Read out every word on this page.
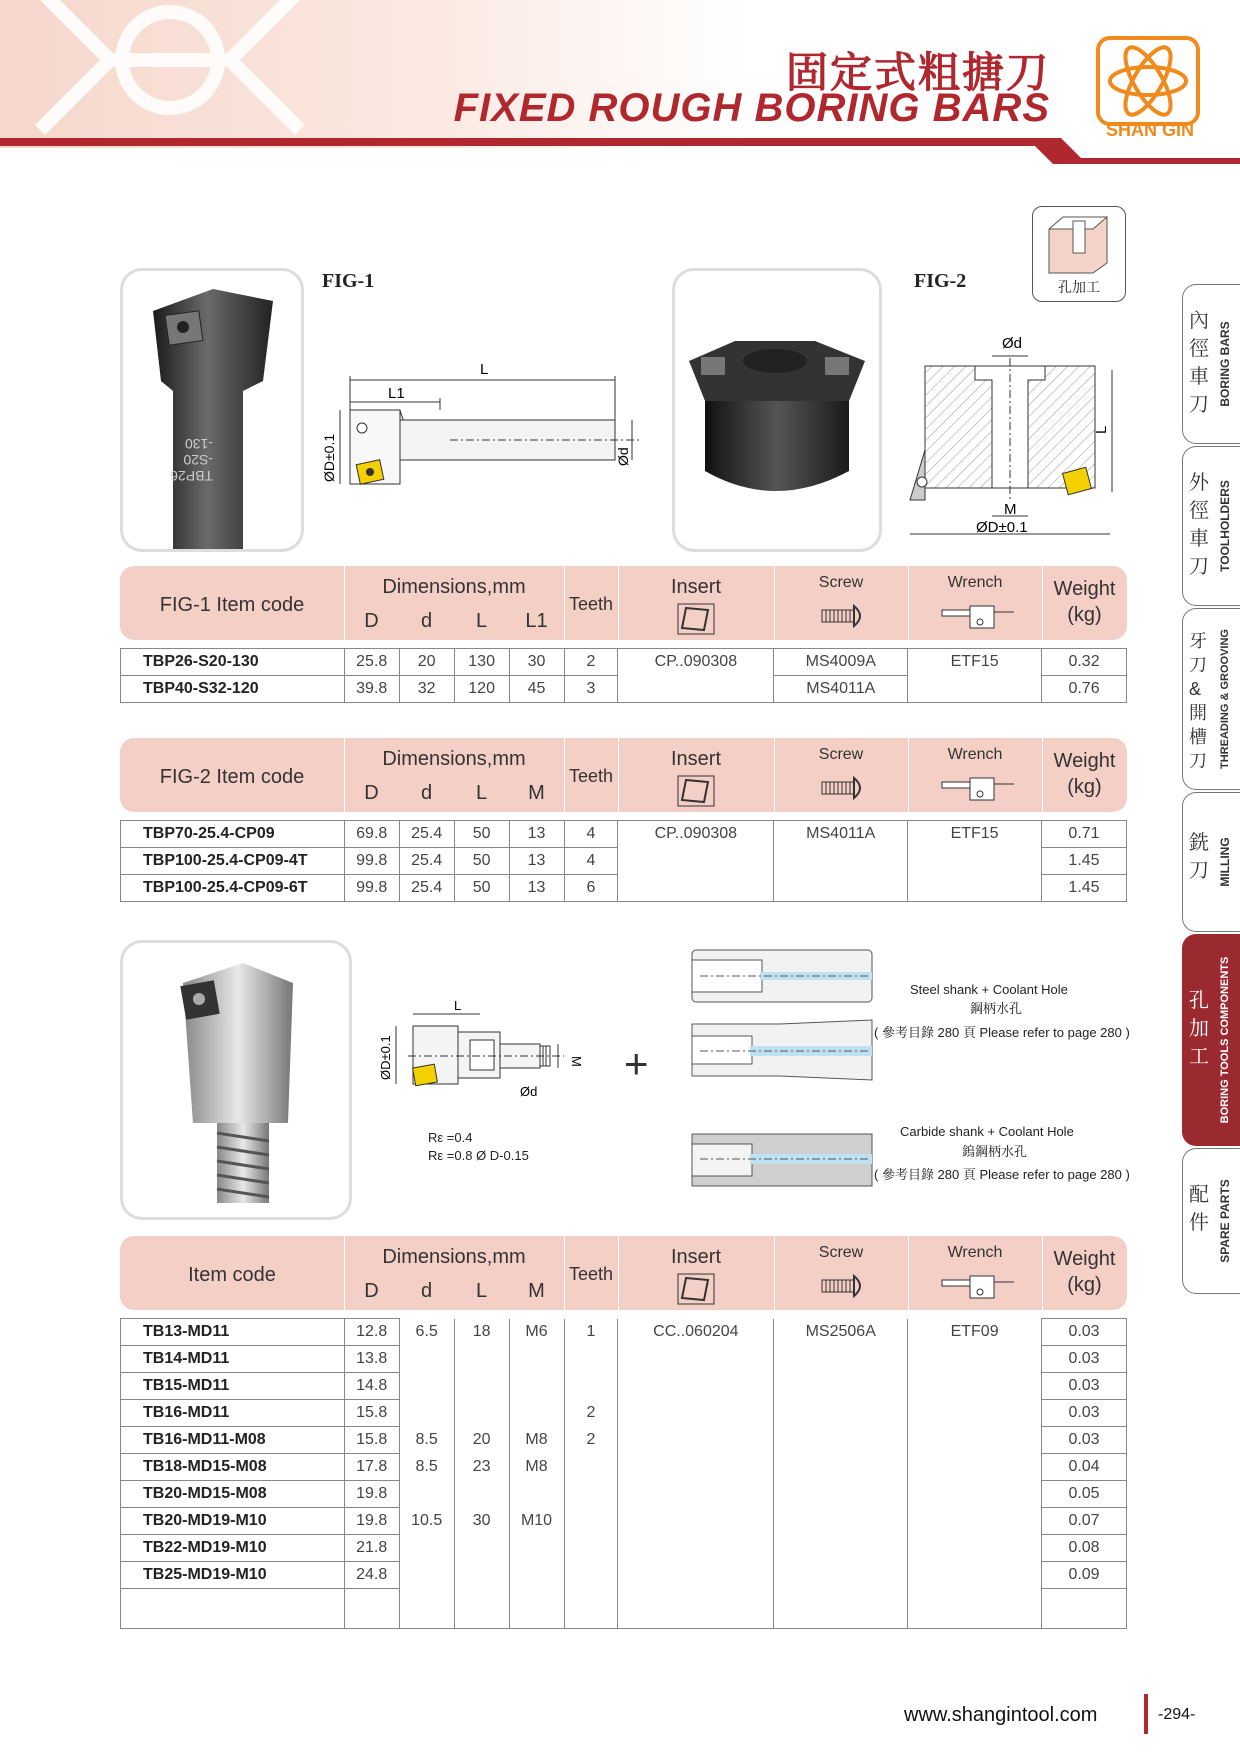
固定式粗搪刀
FIXED ROUGH BORING BARS	SHAN GIN
內徑車刀 BORING BARS
外徑車刀 TOOLHOLDERS
牙刀&開槽刀	THREADING & GROOVING
銑刀 MILLING
孔加工 BORING TOOLS COMPONENTS
配件 SPARE PARTS
孔加工
TBP26
-S20
-130
FIG-1
L
L1
ØD±0.1	Ød
FIG-2
Ød
L
M
ØD±0.1
FIG-1 Item code
Dimensions,mm
D	d	L	L1
Teeth
Insert	Screw	Wrench	Weight
(kg)
TBP26-S20-130	25.8	20	130	30	2	CP..090308	MS4009A	ETF15	0.32
TBP40-S32-120	39.8	32	120	45	3		MS4011A		0.76
FIG-2 Item code
Dimensions,mm
D	d	L	M
Teeth
Insert	Screw	Wrench	Weight
(kg)
TBP70-25.4-CP09	69.8	25.4	50	13	4	CP..090308	MS4011A	ETF15	0.71
TBP100-25.4-CP09-4T	99.8	25.4	50	13	4				1.45
TBP100-25.4-CP09-6T	99.8	25.4	50	13	6				1.45
L
ØD±0.1	M
Ød
Rε =0.4
Rε =0.8 Ø D-0.15
+
Steel shank + Coolant Hole
鋼柄水孔
( 參考目錄 280 頁 Please refer to page 280 )
Carbide shank + Coolant Hole
鎢鋼柄水孔
( 參考目錄 280 頁 Please refer to page 280 )
Item code
Dimensions,mm
D	d	L	M
Teeth
Insert	Screw	Wrench	Weight
(kg)
TB13-MD11	12.8	6.5	18	M6	1	CC..060204	MS2506A	ETF09	0.03
TB14-MD11	13.8								0.03
TB15-MD11	14.8								0.03
TB16-MD11	15.8				2				0.03
TB16-MD11-M08	15.8	8.5	20	M8	2				0.03
TB18-MD15-M08	17.8	8.5	23	M8					0.04
TB20-MD15-M08	19.8								0.05
TB20-MD19-M10	19.8	10.5	30	M10					0.07
TB22-MD19-M10	21.8								0.08
TB25-MD19-M10	24.8								0.09

www.shangintool.com	-294-
